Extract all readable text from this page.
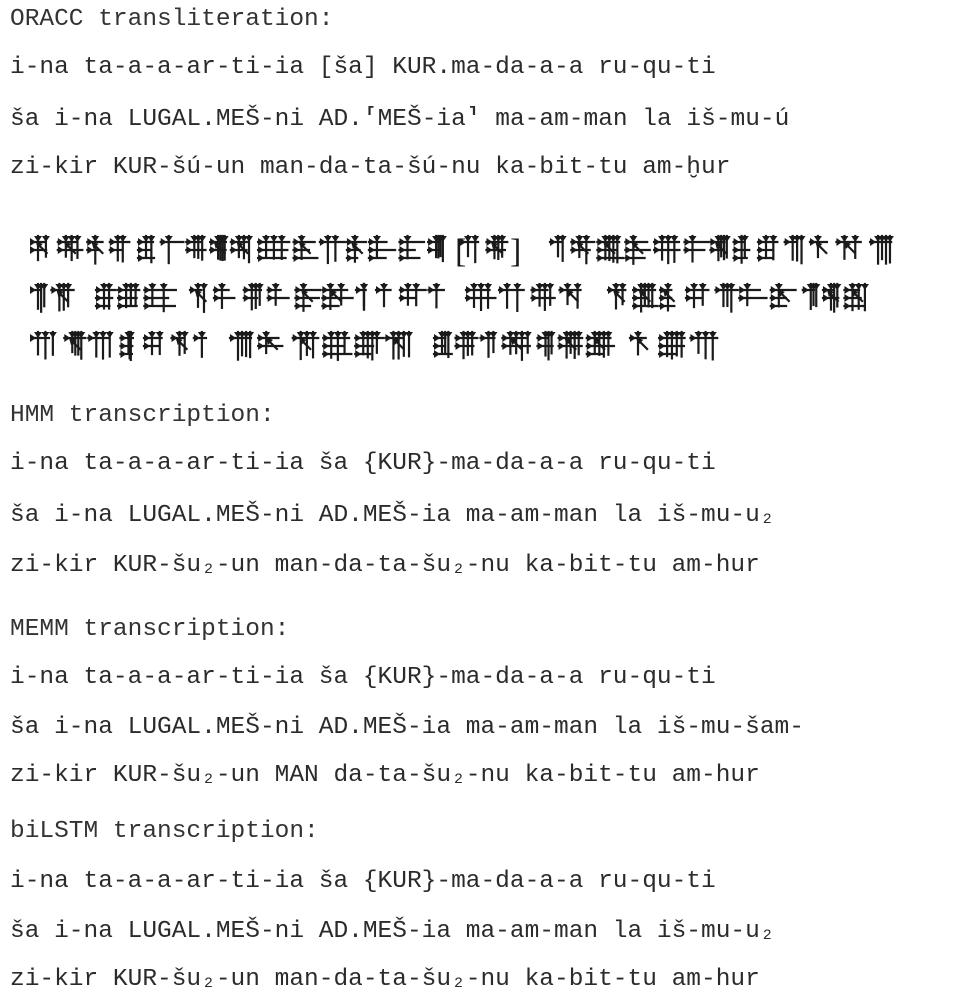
ORACC transliteration:
i-na ta-a-a-ar-ti-ia [ša] KUR.ma-da-a-a ru-qu-ti
ša i-na LUGAL.MEŠ-ni AD.⸢MEŠ-ia⸣ ma-am-man la iš-mu-ú
zi-kir KUR-šú-un man-da-ta-šú-nu ka-bit-tu am-ḫur
[ ]
HMM transcription:
i-na ta-a-a-ar-ti-ia ša {KUR}-ma-da-a-a ru-qu-ti
ša i-na LUGAL.MEŠ-ni AD.MEŠ-ia ma-am-man la iš-mu-u₂
zi-kir KUR-šu₂-un man-da-ta-šu₂-nu ka-bit-tu am-hur
MEMM transcription:
i-na ta-a-a-ar-ti-ia ša {KUR}-ma-da-a-a ru-qu-ti
ša i-na LUGAL.MEŠ-ni AD.MEŠ-ia ma-am-man la iš-mu-šam-
zi-kir KUR-šu₂-un MAN da-ta-šu₂-nu ka-bit-tu am-hur
biLSTM transcription:
i-na ta-a-a-ar-ti-ia ša {KUR}-ma-da-a-a ru-qu-ti
ša i-na LUGAL.MEŠ-ni AD.MEŠ-ia ma-am-man la iš-mu-u₂
zi-kir KUR-šu₂-un man-da-ta-šu₂-nu ka-bit-tu am-hur
